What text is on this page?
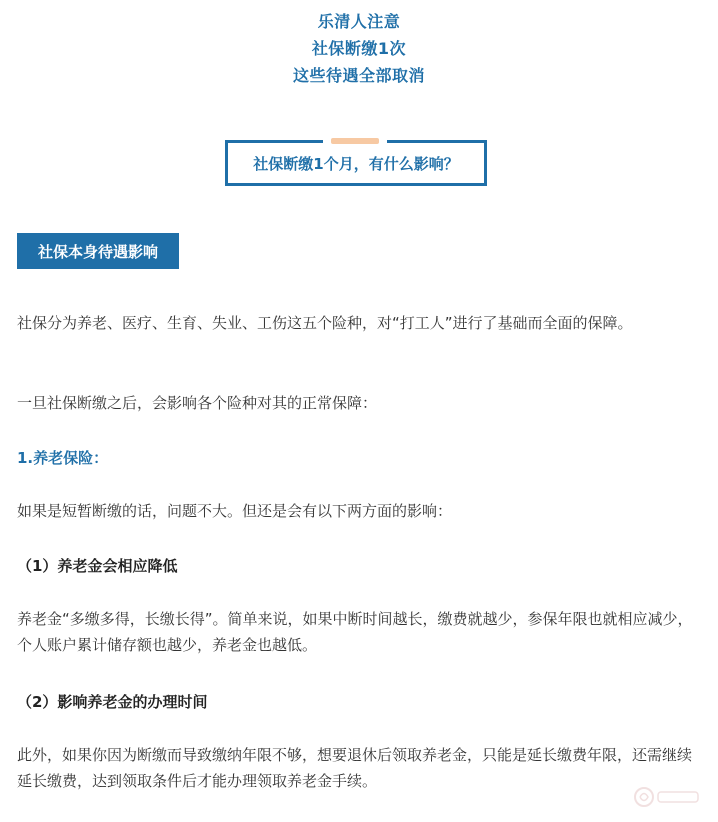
乐清人注意
社保断缴1次
这些待遇全部取消
社保断缴1个月，有什么影响？
社保本身待遇影响
社保分为养老、医疗、生育、失业、工伤这五个险种，对“打工人”进行了基础而全面的保障。
一旦社保断缴之后，会影响各个险种对其的正常保障：
1.养老保险：
如果是短暂断缴的话，问题不大。但还是会有以下两方面的影响：
（1）养老金会相应降低
养老金“多缴多得，长缴长得”。简单来说，如果中断时间越长，缴费就越少，参保年限也就相应减少，个人账户累计储存额也越少，养老金也越低。
（2）影响养老金的办理时间
此外，如果你因为断缴而导致缴纳年限不够，想要退休后领取养老金，只能是延长缴费年限，还需继续延长缴费，达到领取条件后才能办理领取养老金手续。
